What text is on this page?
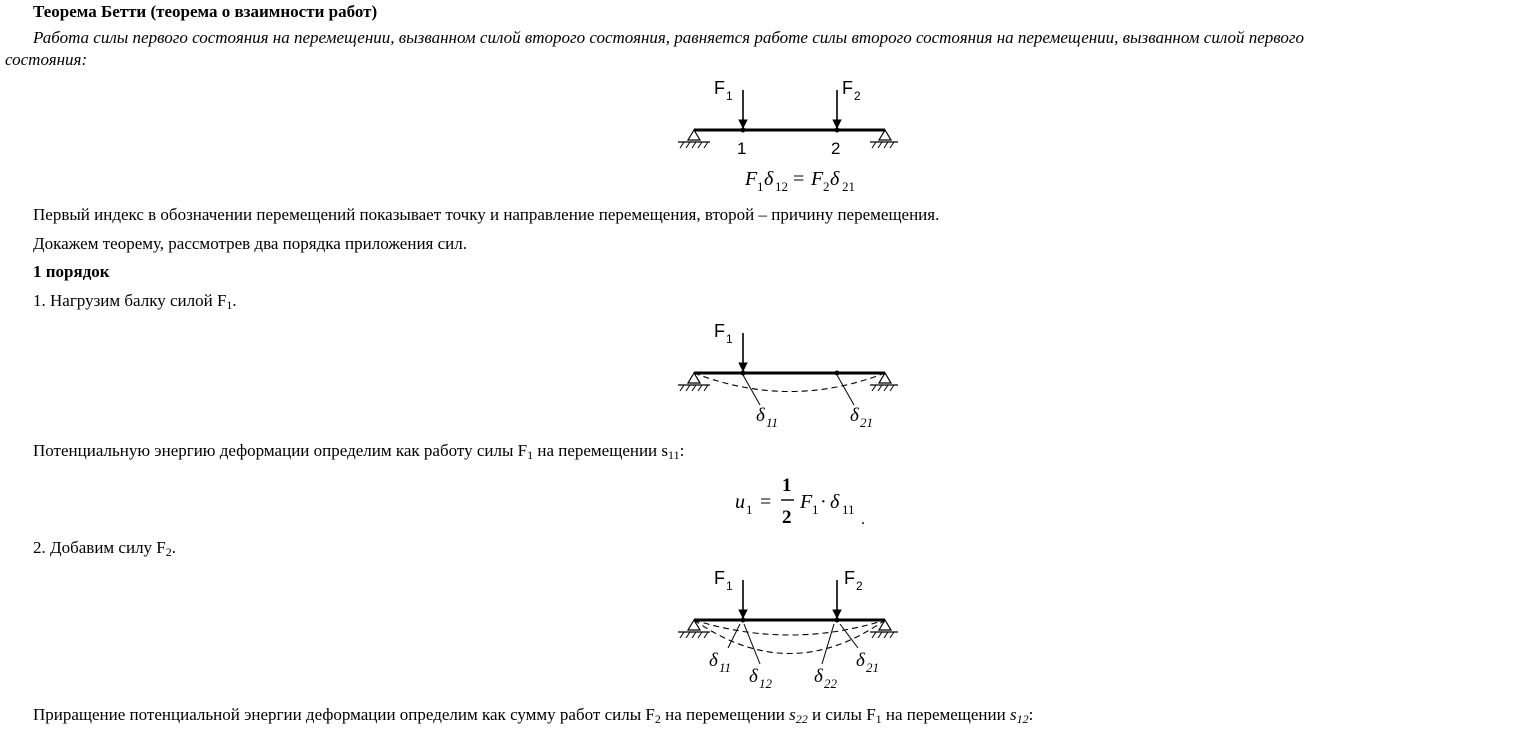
Теорема Бетти (теорема о взаимности работ)
Работа силы первого состояния на перемещении, вызванном силой второго состояния, равняется работе силы второго состояния на перемещении, вызванном силой первого
состояния:
F 1	F 2
1	2
F 1 δ 12 = F 2 δ 21
Первый индекс в обозначении перемещений показывает точку и направление перемещения, второй – причину перемещения.
Докажем теорему, рассмотрев два порядка приложения сил.
1 порядок
1. Нагрузим балку силой $F_1$.
F 1
δ 11	δ 21
Потенциальную энергию деформации определим как работу силы $F_1$ на перемещении $s_{11}$:
u 1 =
1
2
F 1 · δ 11
.
2. Добавим силу $F_2$.
F 1	F 2
δ 11 δ 12 δ 22
δ 21
Приращение потенциальной энергии деформации определим как сумму работ силы $F_2$ на перемещении $s_{22}$ и силы $F_1$ на перемещении $s_{12}$:
